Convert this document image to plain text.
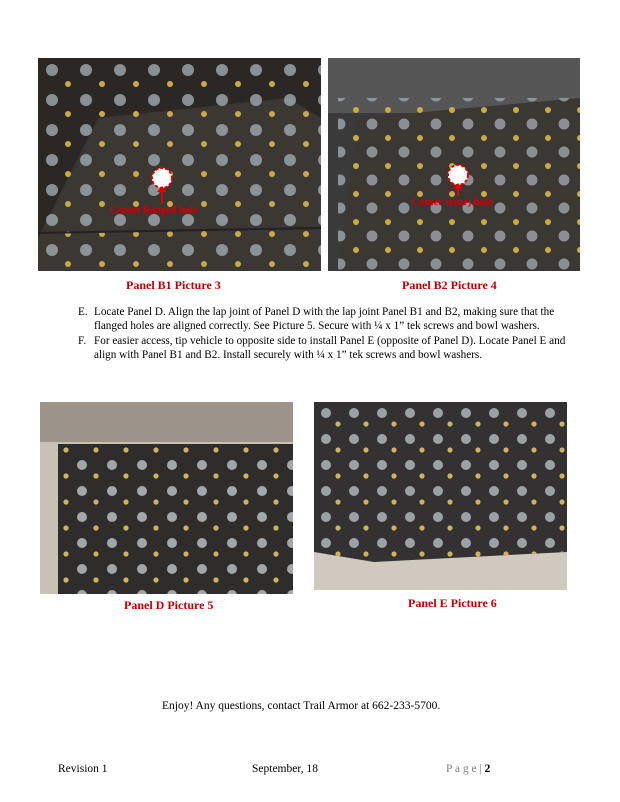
Center flanged hole
Center (rear) hole
Panel B1 Picture 3	Panel B2 Picture 4
E. Locate Panel D. Align the lap joint of Panel D with the lap joint Panel B1 and B2, making sure that the flanged holes are aligned correctly. See Picture 5. Secure with ¼ x 1” tek screws and bowl washers.
F. For easier access, tip vehicle to opposite side to install Panel E (opposite of Panel D). Locate Panel E and align with Panel B1 and B2. Install securely with ¼ x 1” tek screws and bowl washers.
Panel D Picture 5	Panel E Picture 6
Enjoy! Any questions, contact Trail Armor at 662-233-5700.
Revision 1	September, 18	P a g e | 2
